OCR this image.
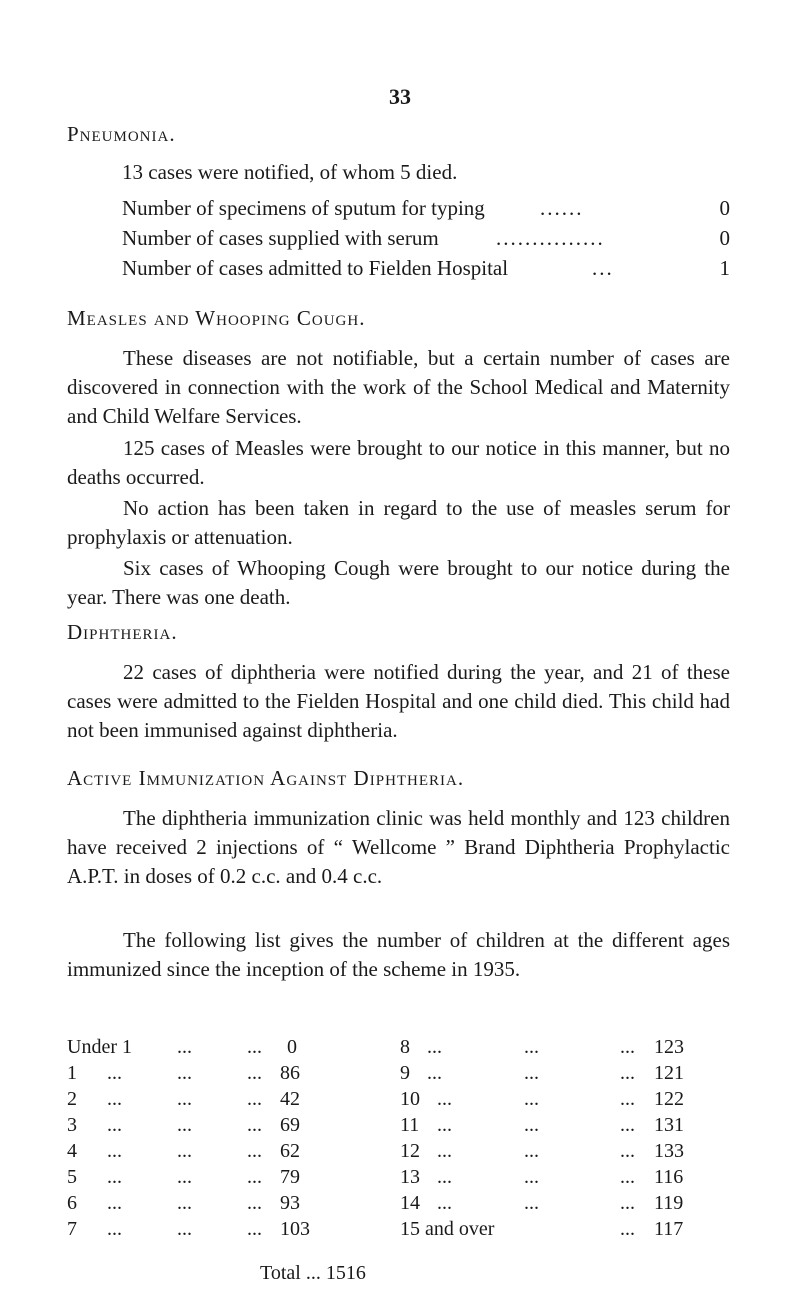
33
Pneumonia.
13 cases were notified, of whom 5 died.
Number of specimens of sputum for typing	......	0
Number of cases supplied with serum	...............	0
Number of cases admitted to Fielden Hospital	...	1
Measles and Whooping Cough.
These diseases are not notifiable, but a certain number of cases are discovered in connection with the work of the School Medical and Maternity and Child Welfare Services.
125 cases of Measles were brought to our notice in this manner, but no deaths occurred.
No action has been taken in regard to the use of measles serum for prophylaxis or attenuation.
Six cases of Whooping Cough were brought to our notice during the year. There was one death.
Diphtheria.
22 cases of diphtheria were notified during the year, and 21 of these cases were admitted to the Fielden Hospital and one child died. This child had not been immunised against diphtheria.
Active Immunization Against Diphtheria.
The diphtheria immunization clinic was held monthly and 123 children have received 2 injections of “ Wellcome ” Brand Diphtheria Prophylactic A.P.T. in doses of 0.2 c.c. and 0.4 c.c.
The following list gives the number of children at the different ages immunized since the inception of the scheme in 1935.
Under 1 ...	... 0	8 ...	...	... 123
1 ...	...	... 86	9 ...	...	... 121
2 ...	...	... 42	10 ...	...	... 122
3 ...	...	... 69	11 ...	...	... 131
4 ...	...	... 62	12 ...	...	... 133
5 ...	...	... 79	13 ...	...	... 116
6 ...	...	... 93	14 ...	...	... 119
7 ...	...	... 103	15 and over	... 117
Total ... 1516
